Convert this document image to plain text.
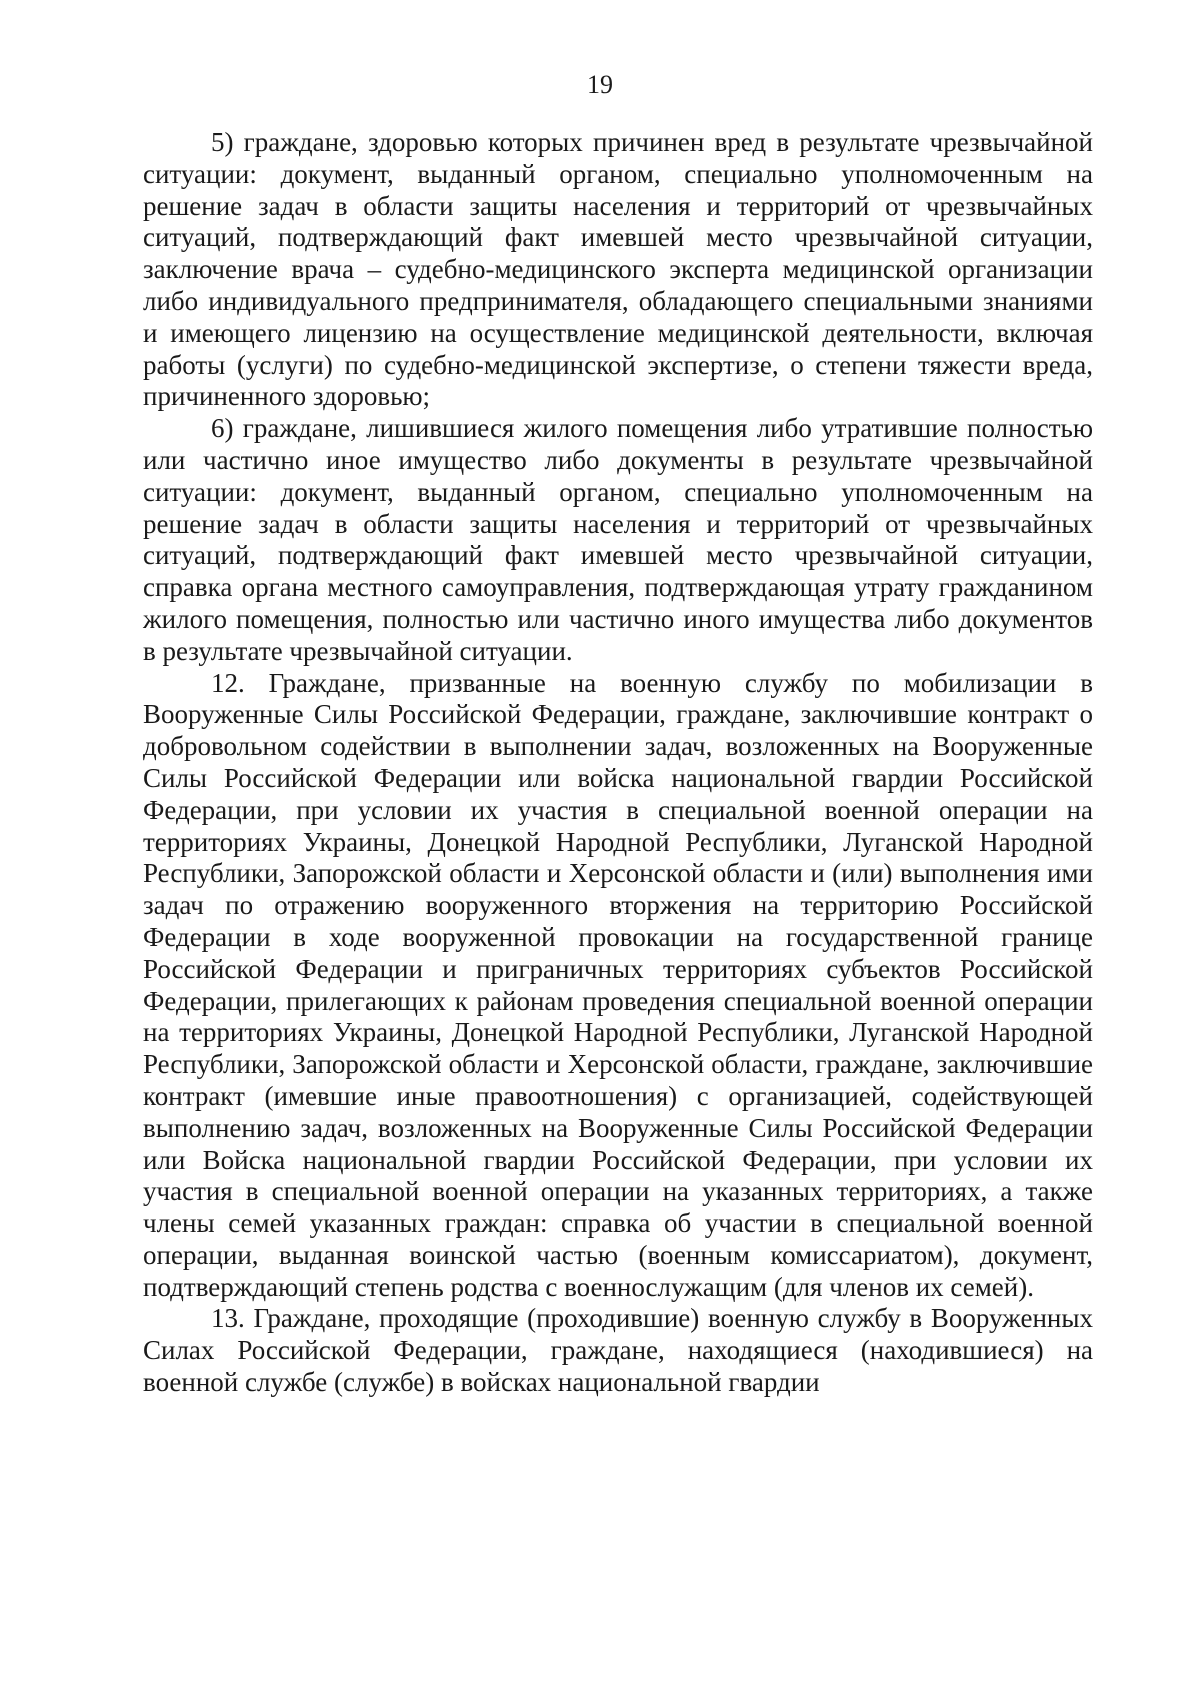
19

5) граждане, здоровью которых причинен вред в результате чрезвычайной ситуации: документ, выданный органом, специально уполномоченным на решение задач в области защиты населения и территорий от чрезвычайных ситуаций, подтверждающий факт имевшей место чрезвычайной ситуации, заключение врача – судебно-медицинского эксперта медицинской организации либо индивидуального предпринимателя, обладающего специальными знаниями и имеющего лицензию на осуществление медицинской деятельности, включая работы (услуги) по судебно-медицинской экспертизе, о степени тяжести вреда, причиненного здоровью;

6) граждане, лишившиеся жилого помещения либо утратившие полностью или частично иное имущество либо документы в результате чрезвычайной ситуации: документ, выданный органом, специально уполномоченным на решение задач в области защиты населения и территорий от чрезвычайных ситуаций, подтверждающий факт имевшей место чрезвычайной ситуации, справка органа местного самоуправления, подтверждающая утрату гражданином жилого помещения, полностью или частично иного имущества либо документов в результате чрезвычайной ситуации.

12. Граждане, призванные на военную службу по мобилизации в Вооруженные Силы Российской Федерации, граждане, заключившие контракт о добровольном содействии в выполнении задач, возложенных на Вооруженные Силы Российской Федерации или войска национальной гвардии Российской Федерации, при условии их участия в специальной военной операции на территориях Украины, Донецкой Народной Республики, Луганской Народной Республики, Запорожской области и Херсонской области и (или) выполнения ими задач по отражению вооруженного вторжения на территорию Российской Федерации в ходе вооруженной провокации на государственной границе Российской Федерации и приграничных территориях субъектов Российской Федерации, прилегающих к районам проведения специальной военной операции на территориях Украины, Донецкой Народной Республики, Луганской Народной Республики, Запорожской области и Херсонской области, граждане, заключившие контракт (имевшие иные правоотношения) с организацией, содействующей выполнению задач, возложенных на Вооруженные Силы Российской Федерации или Войска национальной гвардии Российской Федерации, при условии их участия в специальной военной операции на указанных территориях, а также члены семей указанных граждан: справка об участии в специальной военной операции, выданная воинской частью (военным комиссариатом), документ, подтверждающий степень родства с военнослужащим (для членов их семей).

13. Граждане, проходящие (проходившие) военную службу в Вооруженных Силах Российской Федерации, граждане, находящиеся (находившиеся) на военной службе (службе) в войсках национальной гвардии
